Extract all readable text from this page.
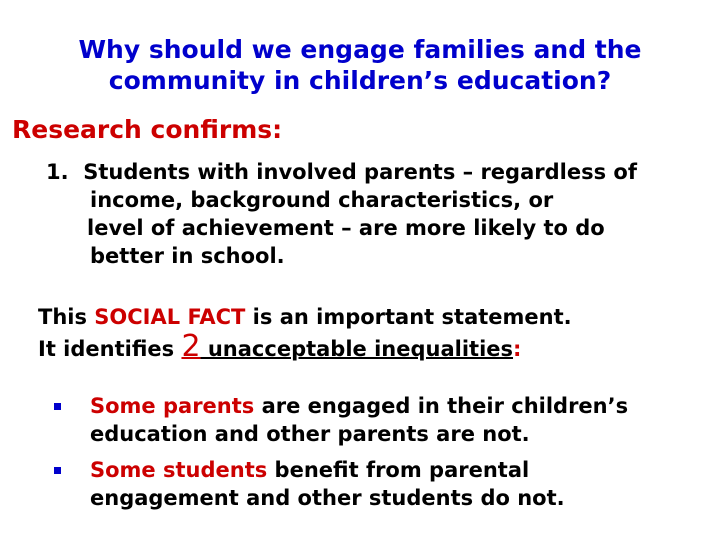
Why should we engage families and the
community in children’s education?
Research confirms:
1. Students with involved parents – regardless of
income, background characteristics, or
level of achievement – are more likely to do
better in school.
This SOCIAL FACT is an important statement.
It identifies 2 unacceptable inequalities:
Some parents are engaged in their children’s
education and other parents are not.
Some students benefit from parental
engagement and other students do not.
